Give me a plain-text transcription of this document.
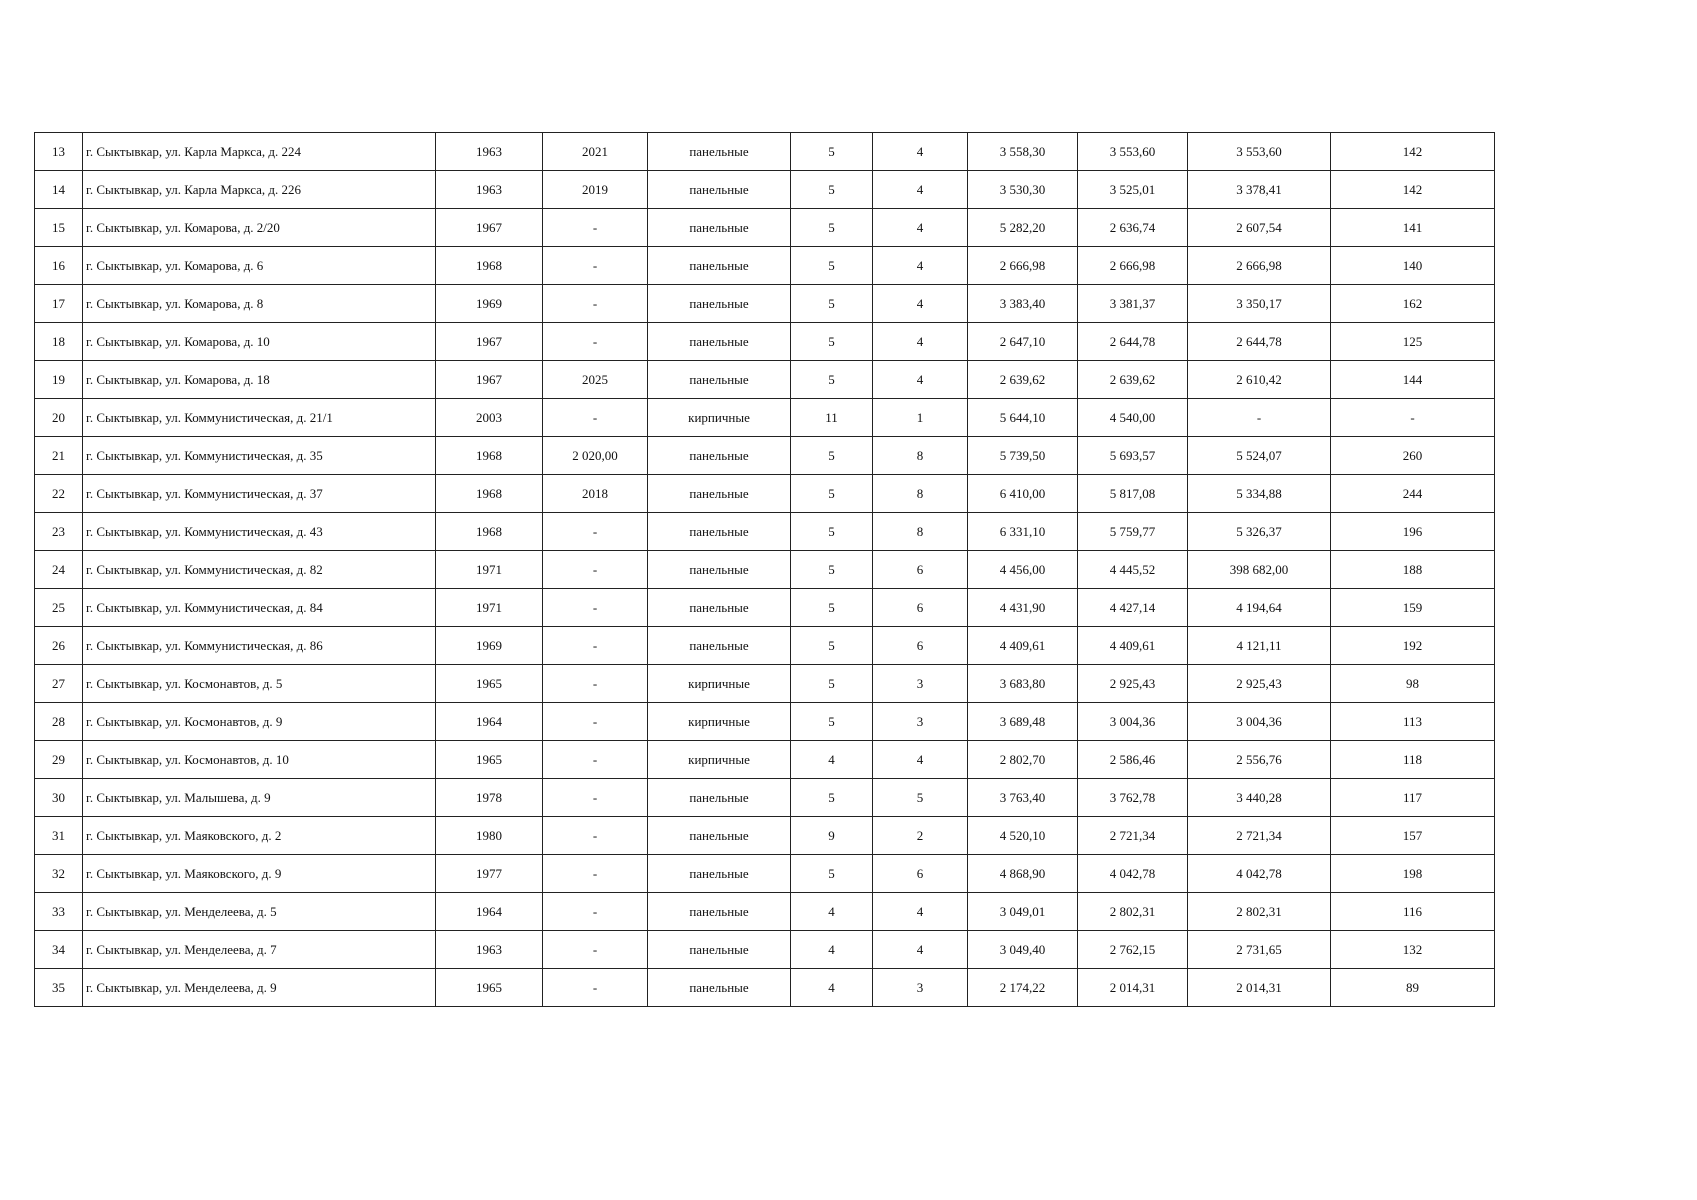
13	г. Сыктывкар, ул. Карла Маркса, д. 224	1963	2021	панельные	5	4	3 558,30	3 553,60	3 553,60	142
14	г. Сыктывкар, ул. Карла Маркса, д. 226	1963	2019	панельные	5	4	3 530,30	3 525,01	3 378,41	142
15	г. Сыктывкар, ул. Комарова, д. 2/20	1967	-	панельные	5	4	5 282,20	2 636,74	2 607,54	141
16	г. Сыктывкар, ул. Комарова, д. 6	1968	-	панельные	5	4	2 666,98	2 666,98	2 666,98	140
17	г. Сыктывкар, ул. Комарова, д. 8	1969	-	панельные	5	4	3 383,40	3 381,37	3 350,17	162
18	г. Сыктывкар, ул. Комарова, д. 10	1967	-	панельные	5	4	2 647,10	2 644,78	2 644,78	125
19	г. Сыктывкар, ул. Комарова, д. 18	1967	2025	панельные	5	4	2 639,62	2 639,62	2 610,42	144
20	г. Сыктывкар, ул. Коммунистическая, д. 21/1	2003	-	кирпичные	11	1	5 644,10	4 540,00	-	-
21	г. Сыктывкар, ул. Коммунистическая, д. 35	1968	2 020,00	панельные	5	8	5 739,50	5 693,57	5 524,07	260
22	г. Сыктывкар, ул. Коммунистическая, д. 37	1968	2018	панельные	5	8	6 410,00	5 817,08	5 334,88	244
23	г. Сыктывкар, ул. Коммунистическая, д. 43	1968	-	панельные	5	8	6 331,10	5 759,77	5 326,37	196
24	г. Сыктывкар, ул. Коммунистическая, д. 82	1971	-	панельные	5	6	4 456,00	4 445,52	398 682,00	188
25	г. Сыктывкар, ул. Коммунистическая, д. 84	1971	-	панельные	5	6	4 431,90	4 427,14	4 194,64	159
26	г. Сыктывкар, ул. Коммунистическая, д. 86	1969	-	панельные	5	6	4 409,61	4 409,61	4 121,11	192
27	г. Сыктывкар, ул. Космонавтов, д. 5	1965	-	кирпичные	5	3	3 683,80	2 925,43	2 925,43	98
28	г. Сыктывкар, ул. Космонавтов, д. 9	1964	-	кирпичные	5	3	3 689,48	3 004,36	3 004,36	113
29	г. Сыктывкар, ул. Космонавтов, д. 10	1965	-	кирпичные	4	4	2 802,70	2 586,46	2 556,76	118
30	г. Сыктывкар, ул. Малышева, д. 9	1978	-	панельные	5	5	3 763,40	3 762,78	3 440,28	117
31	г. Сыктывкар, ул. Маяковского, д. 2	1980	-	панельные	9	2	4 520,10	2 721,34	2 721,34	157
32	г. Сыктывкар, ул. Маяковского, д. 9	1977	-	панельные	5	6	4 868,90	4 042,78	4 042,78	198
33	г. Сыктывкар, ул. Менделеева, д. 5	1964	-	панельные	4	4	3 049,01	2 802,31	2 802,31	116
34	г. Сыктывкар, ул. Менделеева, д. 7	1963	-	панельные	4	4	3 049,40	2 762,15	2 731,65	132
35	г. Сыктывкар, ул. Менделеева, д. 9	1965	-	панельные	4	3	2 174,22	2 014,31	2 014,31	89
